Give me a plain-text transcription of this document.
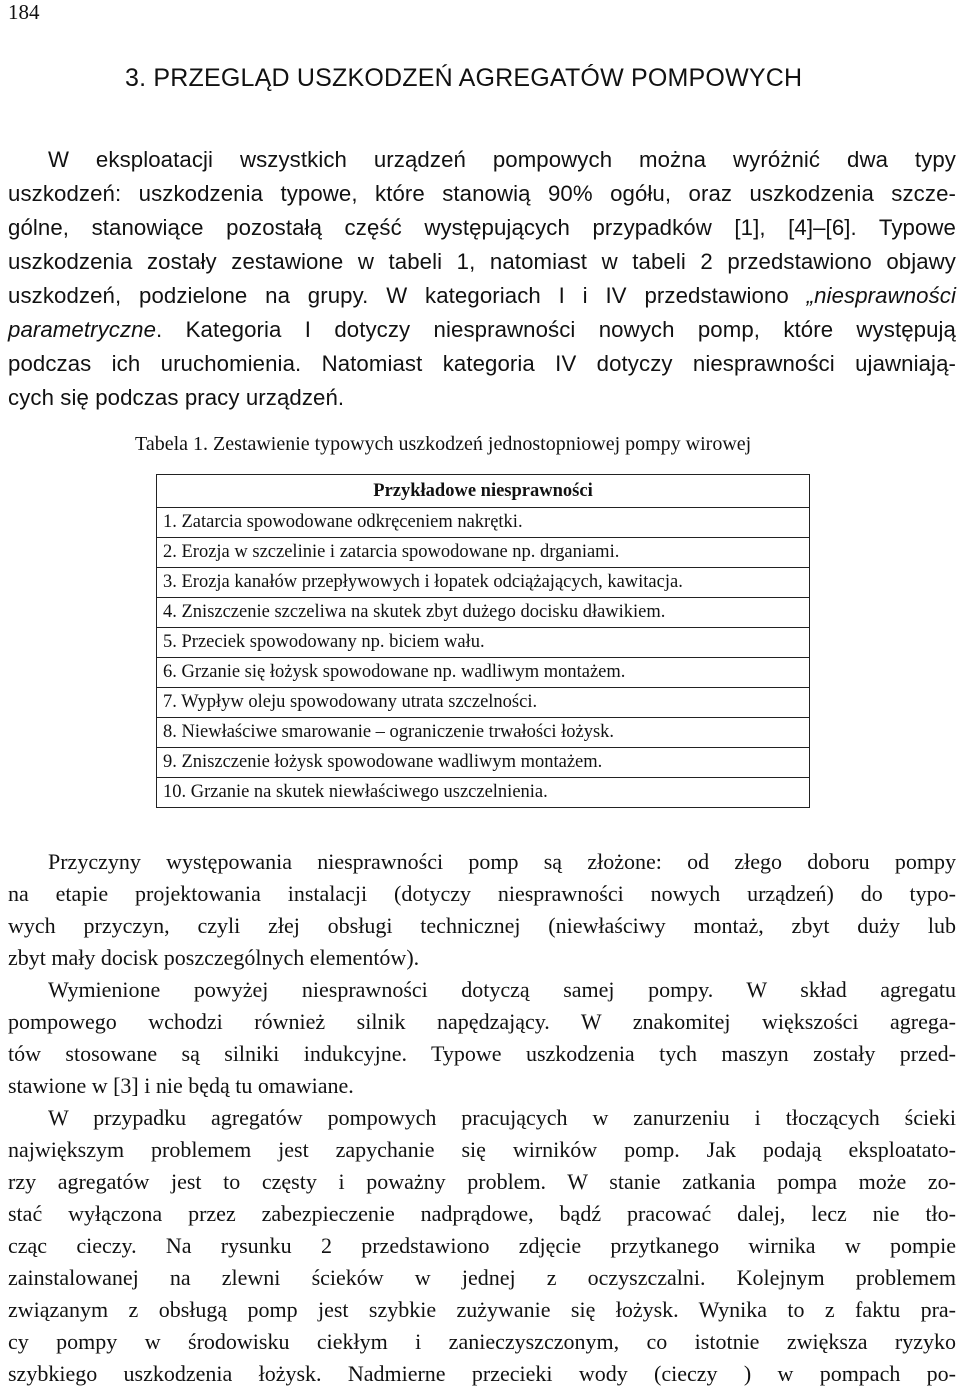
184
3. PRZEGLĄD USZKODZEŃ AGREGATÓW POMPOWYCH
W eksploatacji wszystkich urządzeń pompowych można wyróżnić dwa typy
uszkodzeń: uszkodzenia typowe, które stanowią 90% ogółu, oraz uszkodzenia szcze-
gólne, stanowiące pozostałą część występujących przypadków [1], [4]–[6]. Typowe
uszkodzenia zostały zestawione w tabeli 1, natomiast w tabeli 2 przedstawiono objawy
uszkodzeń, podzielone na grupy. W kategoriach I i IV przedstawiono „niesprawności
parametryczne. Kategoria I dotyczy niesprawności nowych pomp, które występują
podczas ich uruchomienia. Natomiast kategoria IV dotyczy niesprawności ujawniają-
cych się podczas pracy urządzeń.
Tabela 1. Zestawienie typowych uszkodzeń jednostopniowej pompy wirowej
Przykładowe niesprawności
1. Zatarcia spowodowane odkręceniem nakrętki.
2. Erozja w szczelinie i zatarcia spowodowane np. drganiami.
3. Erozja kanałów przepływowych i łopatek odciążających, kawitacja.
4. Zniszczenie szczeliwa na skutek zbyt dużego docisku dławikiem.
5. Przeciek spowodowany np. biciem wału.
6. Grzanie się łożysk spowodowane np. wadliwym montażem.
7. Wypływ oleju spowodowany utrata szczelności.
8. Niewłaściwe smarowanie – ograniczenie trwałości łożysk.
9. Zniszczenie łożysk spowodowane wadliwym montażem.
10. Grzanie na skutek niewłaściwego uszczelnienia.
Przyczyny występowania niesprawności pomp są złożone: od złego doboru pompy
na etapie projektowania instalacji (dotyczy niesprawności nowych urządzeń) do typo-
wych przyczyn, czyli złej obsługi technicznej (niewłaściwy montaż, zbyt duży lub
zbyt mały docisk poszczególnych elementów).
Wymienione powyżej niesprawności dotyczą samej pompy. W skład agregatu
pompowego wchodzi również silnik napędzający. W znakomitej większości agrega-
tów stosowane są silniki indukcyjne. Typowe uszkodzenia tych maszyn zostały przed-
stawione w [3] i nie będą tu omawiane.
W przypadku agregatów pompowych pracujących w zanurzeniu i tłoczących ścieki
największym problemem jest zapychanie się wirników pomp. Jak podają eksploatato-
rzy agregatów jest to częsty i poważny problem. W stanie zatkania pompa może zo-
stać wyłączona przez zabezpieczenie nadprądowe, bądź pracować dalej, lecz nie tło-
cząc cieczy. Na rysunku 2 przedstawiono zdjęcie przytkanego wirnika w pompie
zainstalowanej na zlewni ścieków w jednej z oczyszczalni. Kolejnym problemem
związanym z obsługą pomp jest szybkie zużywanie się łożysk. Wynika to z faktu pra-
cy pompy w środowisku ciekłym i zanieczyszczonym, co istotnie zwiększa ryzyko
szybkiego uszkodzenia łożysk. Nadmierne przecieki wody (cieczy ) w pompach po-
